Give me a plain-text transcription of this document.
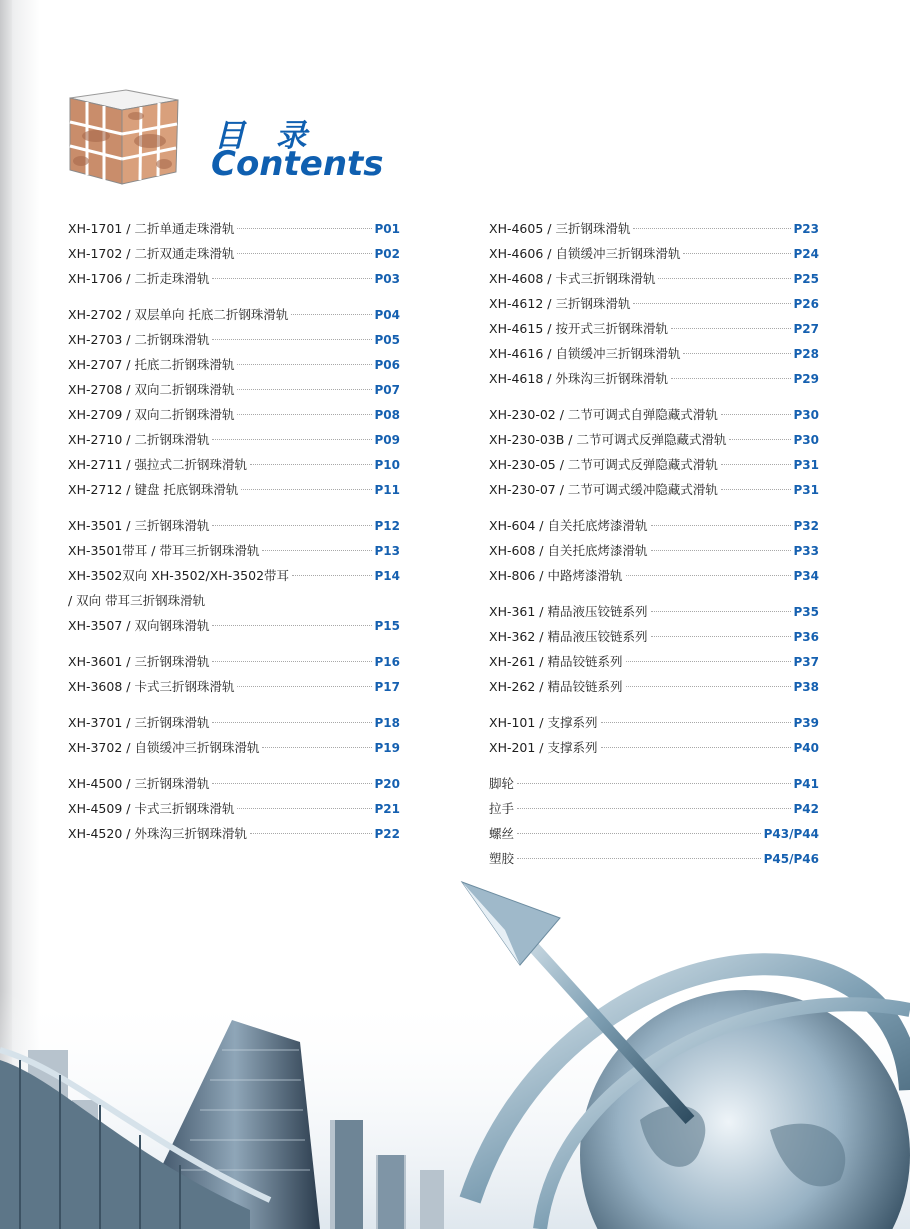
目 录
Contents
XH-1701 / 二折单通走珠滑轨	P01
XH-1702 / 二折双通走珠滑轨	P02
XH-1706 / 二折走珠滑轨	P03
XH-2702 / 双层单向 托底二折钢珠滑轨	P04
XH-2703 / 二折钢珠滑轨	P05
XH-2707 / 托底二折钢珠滑轨	P06
XH-2708 / 双向二折钢珠滑轨	P07
XH-2709 / 双向二折钢珠滑轨	P08
XH-2710 / 二折钢珠滑轨	P09
XH-2711 / 强拉式二折钢珠滑轨	P10
XH-2712 / 键盘 托底钢珠滑轨	P11
XH-3501 / 三折钢珠滑轨	P12
XH-3501带耳 / 带耳三折钢珠滑轨	P13
XH-3502双向 XH-3502/XH-3502带耳	P14
/ 双向 带耳三折钢珠滑轨
XH-3507 / 双向钢珠滑轨	P15
XH-3601 / 三折钢珠滑轨	P16
XH-3608 / 卡式三折钢珠滑轨	P17
XH-3701 / 三折钢珠滑轨	P18
XH-3702 / 自锁缓冲三折钢珠滑轨	P19
XH-4500 / 三折钢珠滑轨	P20
XH-4509 / 卡式三折钢珠滑轨	P21
XH-4520 / 外珠沟三折钢珠滑轨	P22
XH-4605 / 三折钢珠滑轨	P23
XH-4606 / 自锁缓冲三折钢珠滑轨	P24
XH-4608 / 卡式三折钢珠滑轨	P25
XH-4612 / 三折钢珠滑轨	P26
XH-4615 / 按开式三折钢珠滑轨	P27
XH-4616 / 自锁缓冲三折钢珠滑轨	P28
XH-4618 / 外珠沟三折钢珠滑轨	P29
XH-230-02 / 二节可调式自弹隐藏式滑轨	P30
XH-230-03B / 二节可调式反弹隐藏式滑轨	P30
XH-230-05 / 二节可调式反弹隐藏式滑轨	P31
XH-230-07 / 二节可调式缓冲隐藏式滑轨	P31
XH-604 / 自关托底烤漆滑轨	P32
XH-608 / 自关托底烤漆滑轨	P33
XH-806 / 中路烤漆滑轨	P34
XH-361 / 精品液压铰链系列	P35
XH-362 / 精品液压铰链系列	P36
XH-261 / 精品铰链系列	P37
XH-262 / 精品铰链系列	P38
XH-101 / 支撑系列	P39
XH-201 / 支撑系列	P40
脚轮	P41
拉手	P42
螺丝	P43/P44
塑胶	P45/P46
